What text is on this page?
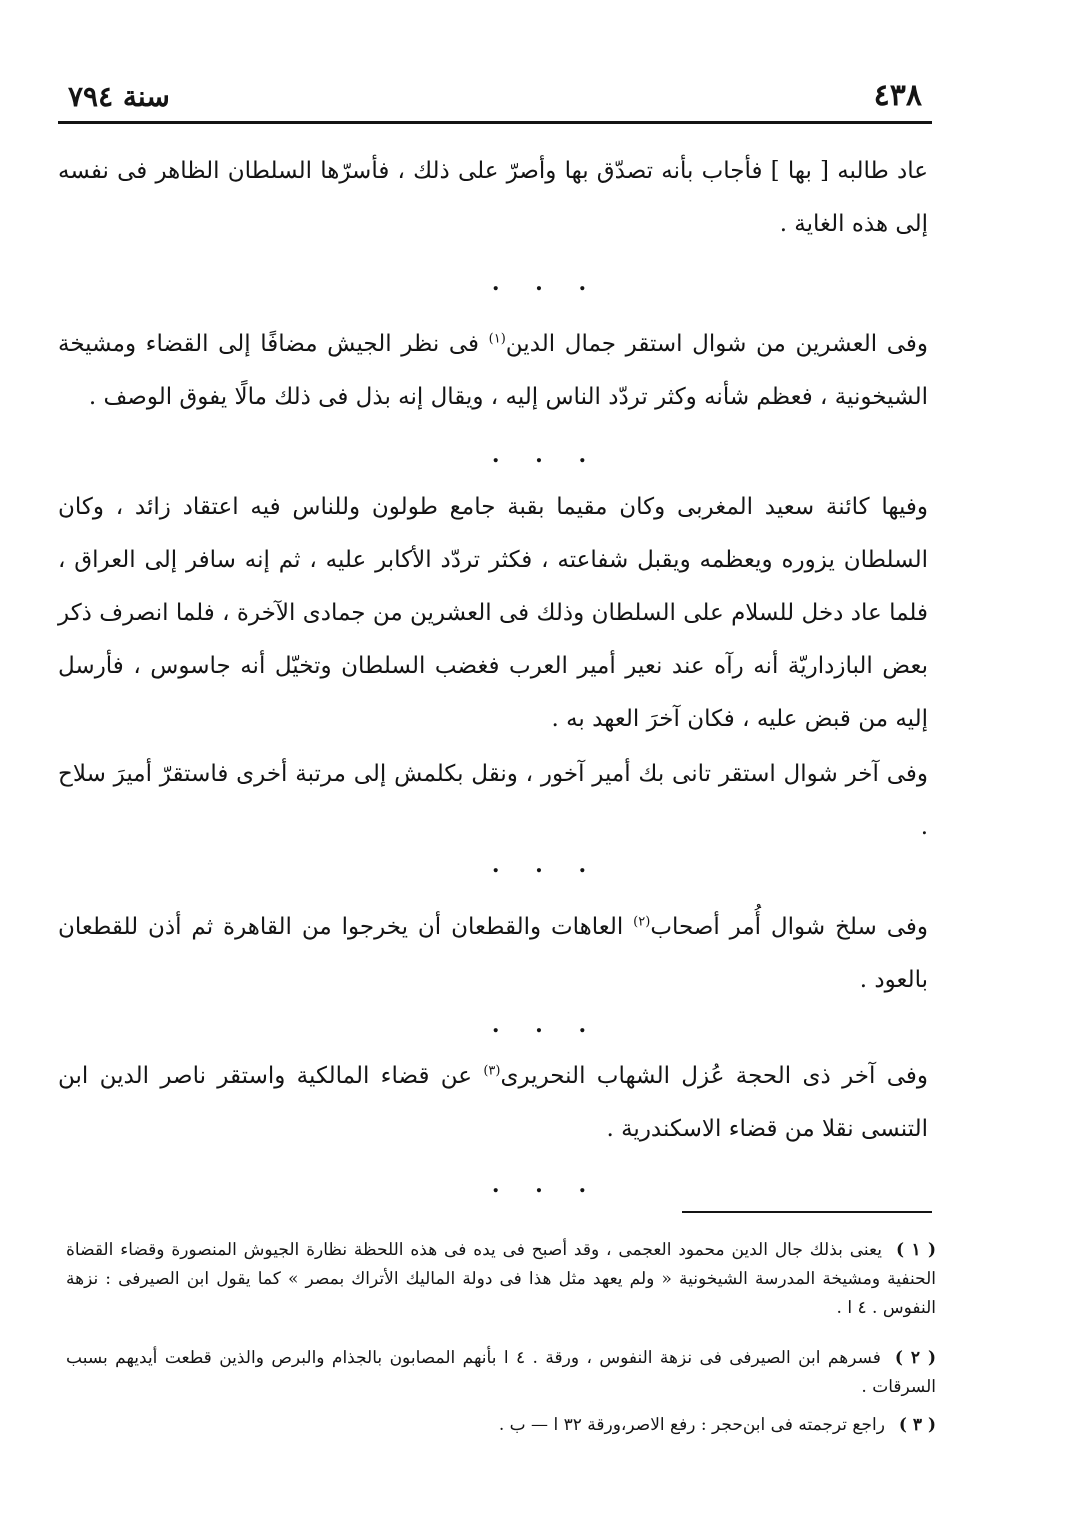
٤٣٨
سنة ٧٩٤
عاد طالبه [ بها ] فأجاب بأنه تصدّق بها وأصرّ على ذلك ، فأسرّها السلطان الظاهر فى نفسه إلى هذه الغاية .
. . .
وفى العشرين من شوال استقر جمال الدين$^{(١)}$ فى نظر الجيش مضافًا إلى القضاء ومشيخة الشيخونية ، فعظم شأنه وكثر تردّد الناس إليه ، ويقال إنه بذل فى ذلك مالًا يفوق الوصف .
. . .
وفيها كائنة سعيد المغربى وكان مقيما بقبة جامع طولون وللناس فيه اعتقاد زائد ، وكان السلطان يزوره ويعظمه ويقبل شفاعته ، فكثر تردّد الأكابر عليه ، ثم إنه سافر إلى العراق ، فلما عاد دخل للسلام على السلطان وذلك فى العشرين من جمادى الآخرة ، فلما انصرف ذكر بعض البازداريّة أنه رآه عند نعير أمير العرب فغضب السلطان وتخيّل أنه جاسوس ، فأرسل إليه من قبض عليه ، فكان آخرَ العهد به .
وفى آخر شوال استقر تانى بك أمير آخور ، ونقل بكلمش إلى مرتبة أخرى فاستقرّ أميرَ سلاح .
. . .
وفى سلخ شوال أُمر أصحاب$^{(٢)}$ العاهات والقطعان أن يخرجوا من القاهرة ثم أذن للقطعان بالعود .
. . .
وفى آخر ذى الحجة عُزل الشهاب النحريرى$^{(٣)}$ عن قضاء المالكية واستقر ناصر الدين ابن التنسى نقلا من قضاء الاسكندرية .
. . .
( ١ )يعنى بذلك جال الدين محمود العجمى ، وقد أصبح فى يده فى هذه اللحظة نظارة الجيوش المنصورة وقضاء القضاة الحنفية ومشيخة المدرسة الشيخونية « ولم يعهد مثل هذا فى دولة الماليك الأتراك بمصر » كما يقول ابن الصيرفى : نزهة النفوس . ٤ ا .
( ٢ )فسرهم ابن الصيرفى فى نزهة النفوس ، ورقة . ٤ ا بأنهم المصابون بالجذام والبرص والذين قطعت أيديهم بسبب السرقات .
( ٣ )راجع ترجمته فى ابن‌حجر : رفع الاصر،ورقة ٣٢ ا — ب .
